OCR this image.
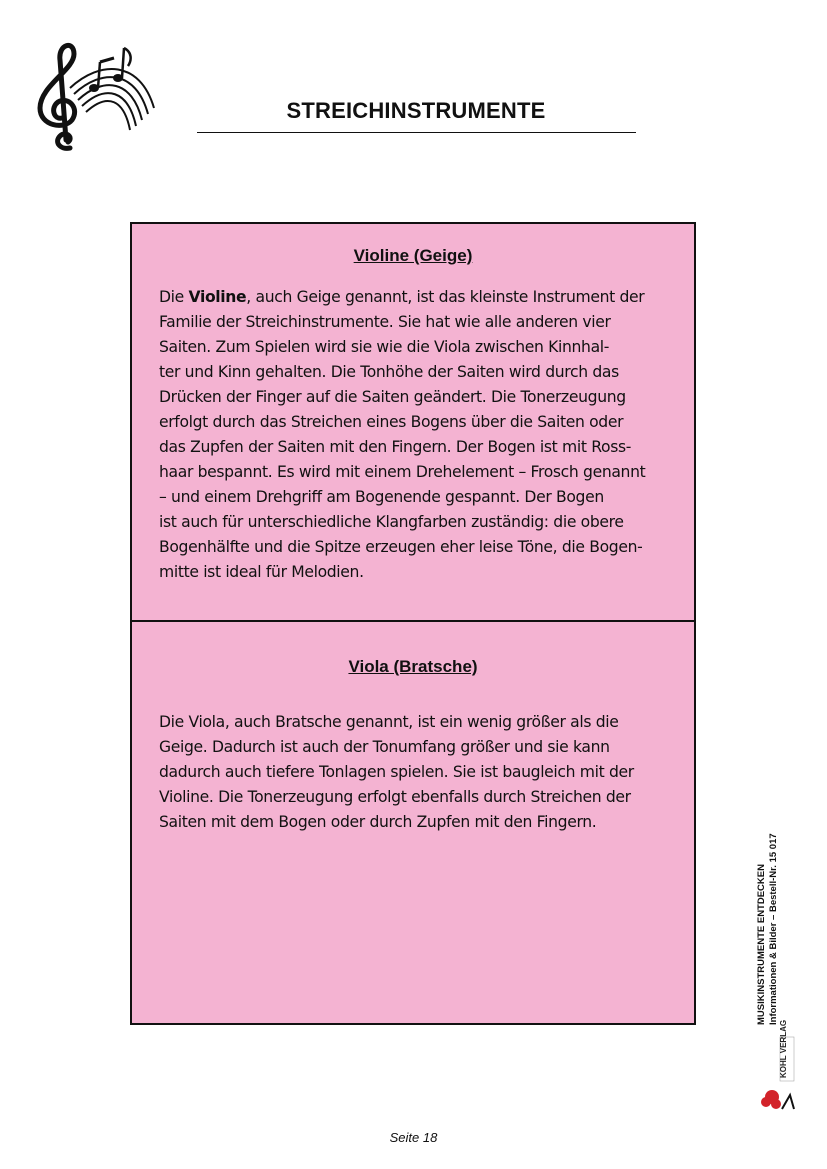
STREICHINSTRUMENTE
Violine (Geige)
Die Violine, auch Geige genannt, ist das kleinste Instrument der
Familie der Streichinstrumente. Sie hat wie alle anderen vier
Saiten. Zum Spielen wird sie wie die Viola zwischen Kinnhal-
ter und Kinn gehalten. Die Tonhöhe der Saiten wird durch das
Drücken der Finger auf die Saiten geändert. Die Tonerzeugung
erfolgt durch das Streichen eines Bogens über die Saiten oder
das Zupfen der Saiten mit den Fingern. Der Bogen ist mit Ross-
haar bespannt. Es wird mit einem Drehelement – Frosch genannt
– und einem Drehgriff am Bogenende gespannt. Der Bogen
ist auch für unterschiedliche Klangfarben zuständig: die obere
Bogenhälfte und die Spitze erzeugen eher leise Töne, die Bogen-
mitte ist ideal für Melodien.
Viola (Bratsche)
Die Viola, auch Bratsche genannt, ist ein wenig größer als die
Geige. Dadurch ist auch der Tonumfang größer und sie kann
dadurch auch tiefere Tonlagen spielen. Sie ist baugleich mit der
Violine. Die Tonerzeugung erfolgt ebenfalls durch Streichen der
Saiten mit dem Bogen oder durch Zupfen mit den Fingern.
MUSIKINSTRUMENTE ENTDECKEN Informationen & Bilder – Bestell-Nr. 15 017
KOHL VERLAG
Seite 18
